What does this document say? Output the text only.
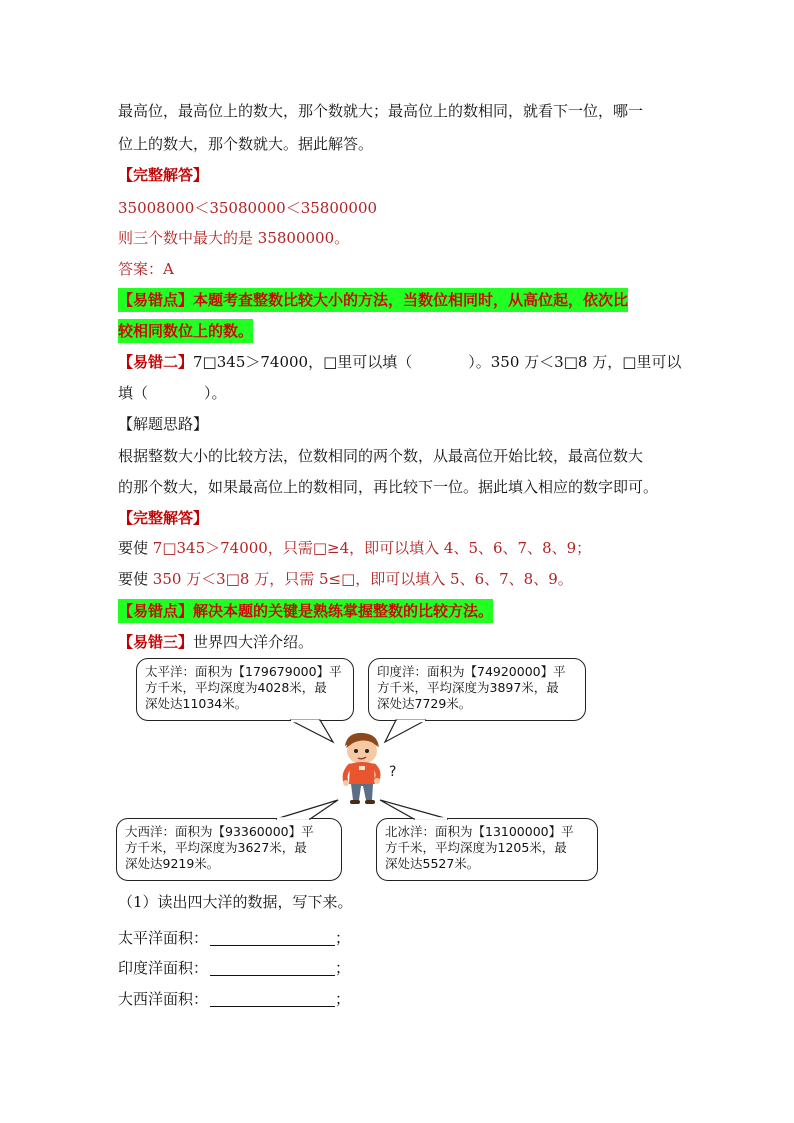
最高位，最高位上的数大，那个数就大；最高位上的数相同，就看下一位，哪一
位上的数大，那个数就大。据此解答。
【完整解答】
35008000＜35080000＜35800000
则三个数中最大的是 35800000。
答案：A
【易错点】本题考查整数比较大小的方法，当数位相同时，从高位起，依次比
较相同数位上的数。
【易错二】7□345＞74000，□里可以填（	）。350 万＜3□8 万，□里可以
填（	）。
【解题思路】
根据整数大小的比较方法，位数相同的两个数，从最高位开始比较，最高位数大
的那个数大，如果最高位上的数相同，再比较下一位。据此填入相应的数字即可。
【完整解答】
要使 7□345＞74000，只需□≥4，即可以填入 4、5、6、7、8、9；
要使 350 万＜3□8 万，只需 5≤□，即可以填入 5、6、7、8、9。
【易错点】解决本题的关键是熟练掌握整数的比较方法。
【易错三】世界四大洋介绍。
太平洋：面积为【179679000】平
方千米，平均深度为4028米，最
深处达11034米。
印度洋：面积为【74920000】平
方千米，平均深度为3897米，最
深处达7729米。
大西洋：面积为【93360000】平
方千米，平均深度为3627米，最
深处达9219米。
北冰洋：面积为【13100000】平
方千米，平均深度为1205米，最
深处达5527米。
?
（1）读出四大洋的数据，写下来。
太平洋面积：	；
印度洋面积：	；
大西洋面积：	；
